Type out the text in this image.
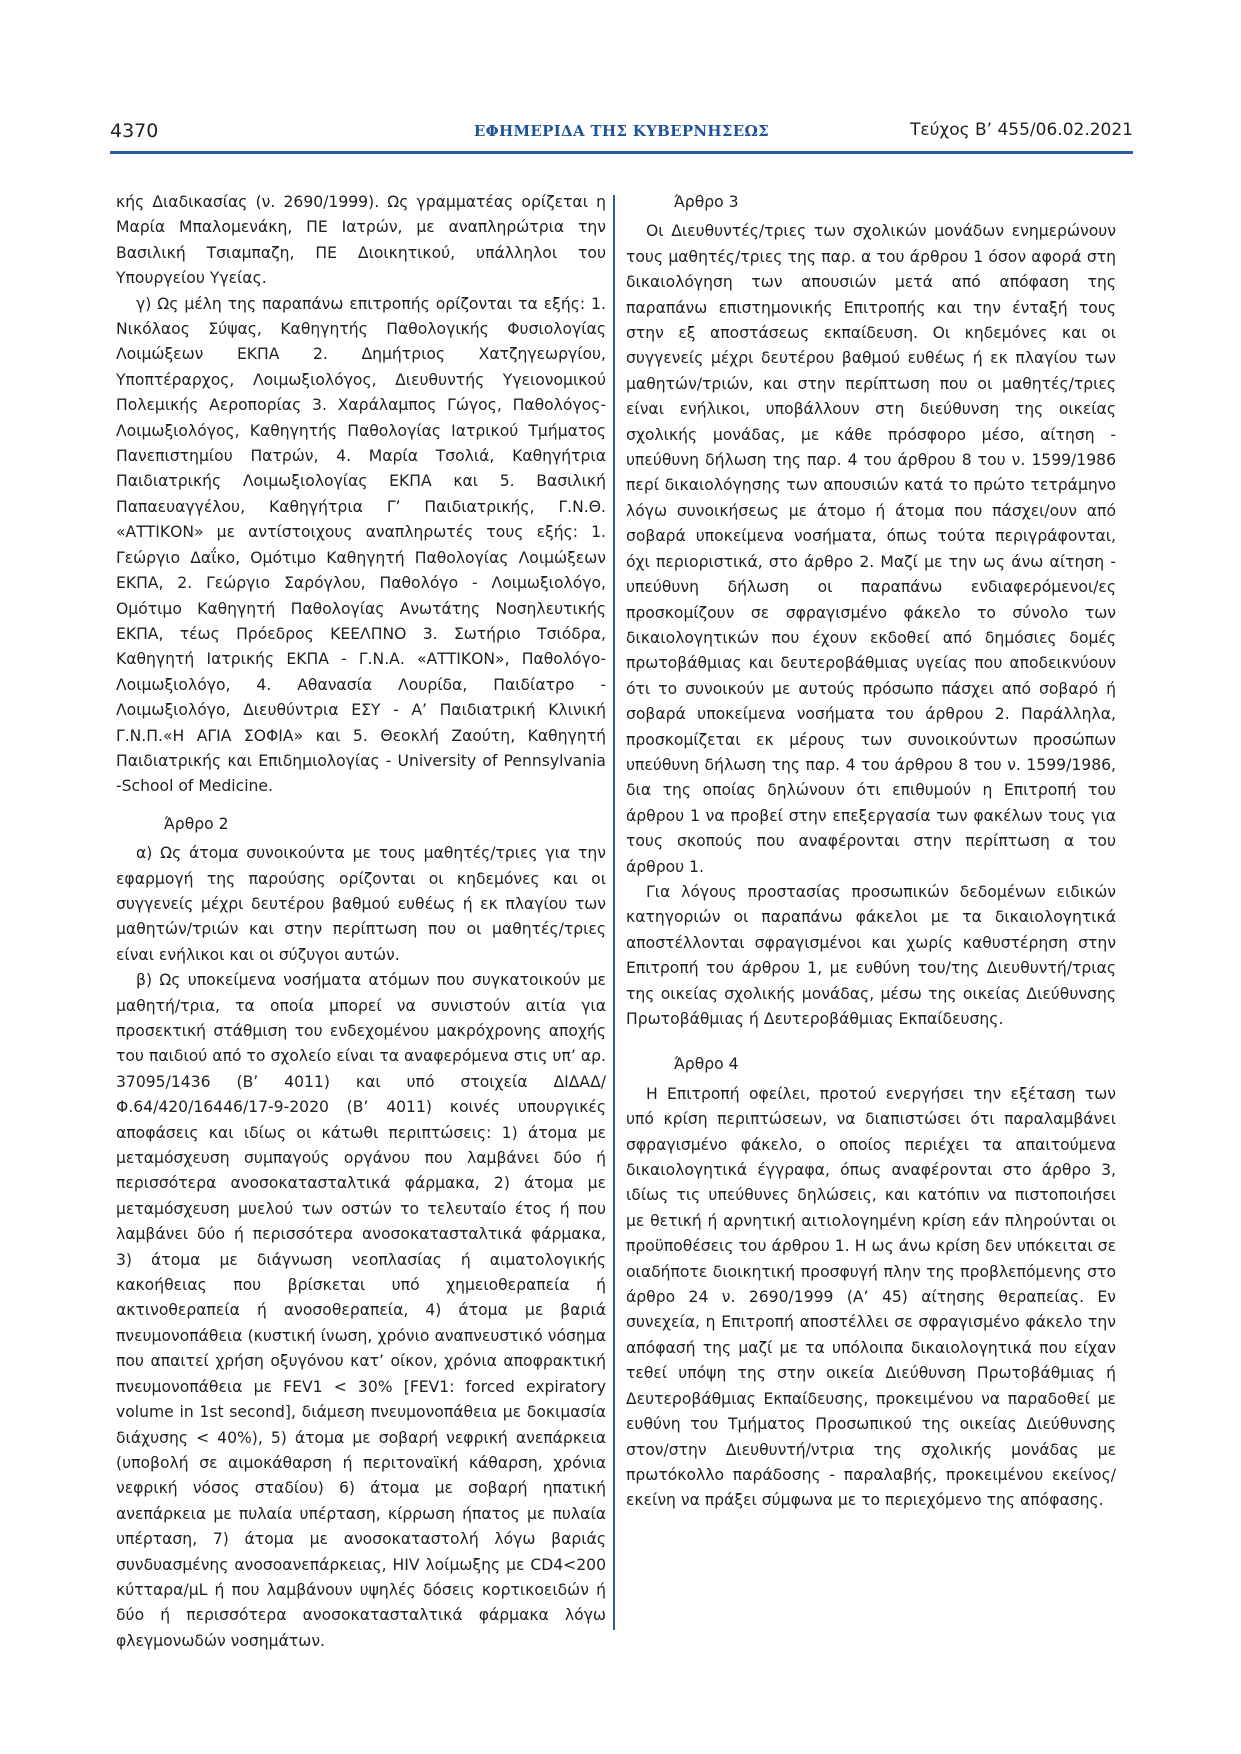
4370	ΕΦΗΜΕΡΙΔΑ ΤΗΣ ΚΥΒΕΡΝΗΣΕΩΣ	Τεύχος Β’ 455/06.02.2021

κής Διαδικασίας (ν. 2690/1999). Ως γραμματέας ορίζεται η Μαρία Μπαλομενάκη, ΠΕ Ιατρών, με αναπληρώτρια την Βασιλική Τσιαμπαζη, ΠΕ Διοικητικού, υπάλληλοι του Υπουργείου Υγείας.

γ) Ως μέλη της παραπάνω επιτροπής ορίζονται τα εξής: 1. Νικόλαος Σύψας, Καθηγητής Παθολογικής Φυσιολογίας Λοιμώξεων ΕΚΠΑ 2. Δημήτριος Χατζηγεωργίου, Υποπτέραρχος, Λοιμωξιολόγος, Διευθυντής Υγειονομικού Πολεμικής Αεροπορίας 3. Χαράλαμπος Γώγος, Παθολόγος-Λοιμωξιολόγος, Καθηγητής Παθολογίας Ιατρικού Τμήματος Πανεπιστημίου Πατρών, 4. Μαρία Τσολιά, Καθηγήτρια Παιδιατρικής Λοιμωξιολογίας ΕΚΠΑ και 5. Βασιλική Παπαευαγγέλου, Καθηγήτρια Γ’ Παιδιατρικής, Γ.Ν.Θ. «ΑΤΤΙΚΟΝ» με αντίστοιχους αναπληρωτές τους εξής: 1. Γεώργιο Δαΐκο, Ομότιμο Καθηγητή Παθολογίας Λοιμώξεων ΕΚΠΑ, 2. Γεώργιο Σαρόγλου, Παθολόγο - Λοιμωξιολόγο, Ομότιμο Καθηγητή Παθολογίας Ανωτάτης Νοσηλευτικής ΕΚΠΑ, τέως Πρόεδρος ΚΕΕΛΠΝΟ 3. Σωτήριο Τσιόδρα, Καθηγητή Ιατρικής ΕΚΠΑ - Γ.Ν.Α. «ΑΤΤΙΚΟΝ», Παθολόγο-Λοιμωξιολόγο, 4. Αθανασία Λουρίδα, Παιδίατρο - Λοιμωξιολόγο, Διευθύντρια ΕΣΥ - Α’ Παιδιατρική Κλινική Γ.Ν.Π.«Η ΑΓΙΑ ΣΟΦΙΑ» και 5. Θεοκλή Ζαούτη, Καθηγητή Παιδιατρικής και Επιδημιολογίας - University of Pennsylvania -School of Medicine.

Άρθρο 2

α) Ως άτομα συνοικούντα με τους μαθητές/τριες για την εφαρμογή της παρούσης ορίζονται οι κηδεμόνες και οι συγγενείς μέχρι δευτέρου βαθμού ευθέως ή εκ πλαγίου των μαθητών/τριών και στην περίπτωση που οι μαθητές/τριες είναι ενήλικοι και οι σύζυγοι αυτών.

β) Ως υποκείμενα νοσήματα ατόμων που συγκατοικούν με μαθητή/τρια, τα οποία μπορεί να συνιστούν αιτία για προσεκτική στάθμιση του ενδεχομένου μακρόχρονης αποχής του παιδιού από το σχολείο είναι τα αναφερόμενα στις υπ’ αρ. 37095/1436 (Β’ 4011) και υπό στοιχεία ΔΙΔΑΔ/Φ.64/420/16446/17-9-2020 (Β’ 4011) κοινές υπουργικές αποφάσεις και ιδίως οι κάτωθι περιπτώσεις: 1) άτομα με μεταμόσχευση συμπαγούς οργάνου που λαμβάνει δύο ή περισσότερα ανοσοκατασταλτικά φάρμακα, 2) άτομα με μεταμόσχευση μυελού των οστών το τελευταίο έτος ή που λαμβάνει δύο ή περισσότερα ανοσοκατασταλτικά φάρμακα, 3) άτομα με διάγνωση νεοπλασίας ή αιματολογικής κακοήθειας που βρίσκεται υπό χημειοθεραπεία ή ακτινοθεραπεία ή ανοσοθεραπεία, 4) άτομα με βαριά πνευμονοπάθεια (κυστική ίνωση, χρόνιο αναπνευστικό νόσημα που απαιτεί χρήση οξυγόνου κατ’ οίκον, χρόνια αποφρακτική πνευμονοπάθεια με FEV1 < 30% [FEV1: forced expiratory volume in 1st second], διάμεση πνευμονοπάθεια με δοκιμασία διάχυσης < 40%), 5) άτομα με σοβαρή νεφρική ανεπάρκεια (υποβολή σε αιμοκάθαρση ή περιτοναϊκή κάθαρση, χρόνια νεφρική νόσος σταδίου) 6) άτομα με σοβαρή ηπατική ανεπάρκεια με πυλαία υπέρταση, κίρρωση ήπατος με πυλαία υπέρταση, 7) άτομα με ανοσοκαταστολή λόγω βαριάς συνδυασμένης ανοσοανεπάρκειας, HIV λοίμωξης με CD4<200 κύτταρα/μL ή που λαμβάνουν υψηλές δόσεις κορτικοειδών ή δύο ή περισσότερα ανοσοκατασταλτικά φάρμακα λόγω φλεγμονωδών νοσημάτων.

Άρθρο 3

Οι Διευθυντές/τριες των σχολικών μονάδων ενημερώνουν τους μαθητές/τριες της παρ. α του άρθρου 1 όσον αφορά στη δικαιολόγηση των απουσιών μετά από απόφαση της παραπάνω επιστημονικής Επιτροπής και την ένταξή τους στην εξ αποστάσεως εκπαίδευση. Οι κηδεμόνες και οι συγγενείς μέχρι δευτέρου βαθμού ευθέως ή εκ πλαγίου των μαθητών/τριών, και στην περίπτωση που οι μαθητές/τριες είναι ενήλικοι, υποβάλλουν στη διεύθυνση της οικείας σχολικής μονάδας, με κάθε πρόσφορο μέσο, αίτηση - υπεύθυνη δήλωση της παρ. 4 του άρθρου 8 του ν. 1599/1986 περί δικαιολόγησης των απουσιών κατά το πρώτο τετράμηνο λόγω συνοικήσεως με άτομο ή άτομα που πάσχει/ουν από σοβαρά υποκείμενα νοσήματα, όπως τούτα περιγράφονται, όχι περιοριστικά, στο άρθρο 2. Μαζί με την ως άνω αίτηση - υπεύθυνη δήλωση οι παραπάνω ενδιαφερόμενοι/ες προσκομίζουν σε σφραγισμένο φάκελο το σύνολο των δικαιολογητικών που έχουν εκδοθεί από δημόσιες δομές πρωτοβάθμιας και δευτεροβάθμιας υγείας που αποδεικνύουν ότι το συνοικούν με αυτούς πρόσωπο πάσχει από σοβαρό ή σοβαρά υποκείμενα νοσήματα του άρθρου 2. Παράλληλα, προσκομίζεται εκ μέρους των συνοικούντων προσώπων υπεύθυνη δήλωση της παρ. 4 του άρθρου 8 του ν. 1599/1986, δια της οποίας δηλώνουν ότι επιθυμούν η Επιτροπή του άρθρου 1 να προβεί στην επεξεργασία των φακέλων τους για τους σκοπούς που αναφέρονται στην περίπτωση α του άρθρου 1.

Για λόγους προστασίας προσωπικών δεδομένων ειδικών κατηγοριών οι παραπάνω φάκελοι με τα δικαιολογητικά αποστέλλονται σφραγισμένοι και χωρίς καθυστέρηση στην Επιτροπή του άρθρου 1, με ευθύνη του/της Διευθυντή/τριας της οικείας σχολικής μονάδας, μέσω της οικείας Διεύθυνσης Πρωτοβάθμιας ή Δευτεροβάθμιας Εκπαίδευσης.

Άρθρο 4

Η Επιτροπή οφείλει, προτού ενεργήσει την εξέταση των υπό κρίση περιπτώσεων, να διαπιστώσει ότι παραλαμβάνει σφραγισμένο φάκελο, ο οποίος περιέχει τα απαιτούμενα δικαιολογητικά έγγραφα, όπως αναφέρονται στο άρθρο 3, ιδίως τις υπεύθυνες δηλώσεις, και κατόπιν να πιστοποιήσει με θετική ή αρνητική αιτιολογημένη κρίση εάν πληρούνται οι προϋποθέσεις του άρθρου 1. Η ως άνω κρίση δεν υπόκειται σε οιαδήποτε διοικητική προσφυγή πλην της προβλεπόμενης στο άρθρο 24 ν. 2690/1999 (Α’ 45) αίτησης θεραπείας. Εν συνεχεία, η Επιτροπή αποστέλλει σε σφραγισμένο φάκελο την απόφασή της μαζί με τα υπόλοιπα δικαιολογητικά που είχαν τεθεί υπόψη της στην οικεία Διεύθυνση Πρωτοβάθμιας ή Δευτεροβάθμιας Εκπαίδευσης, προκειμένου να παραδοθεί με ευθύνη του Τμήματος Προσωπικού της οικείας Διεύθυνσης στον/στην Διευθυντή/ντρια της σχολικής μονάδας με πρωτόκολλο παράδοσης - παραλαβής, προκειμένου εκείνος/εκείνη να πράξει σύμφωνα με το περιεχόμενο της απόφασης.
